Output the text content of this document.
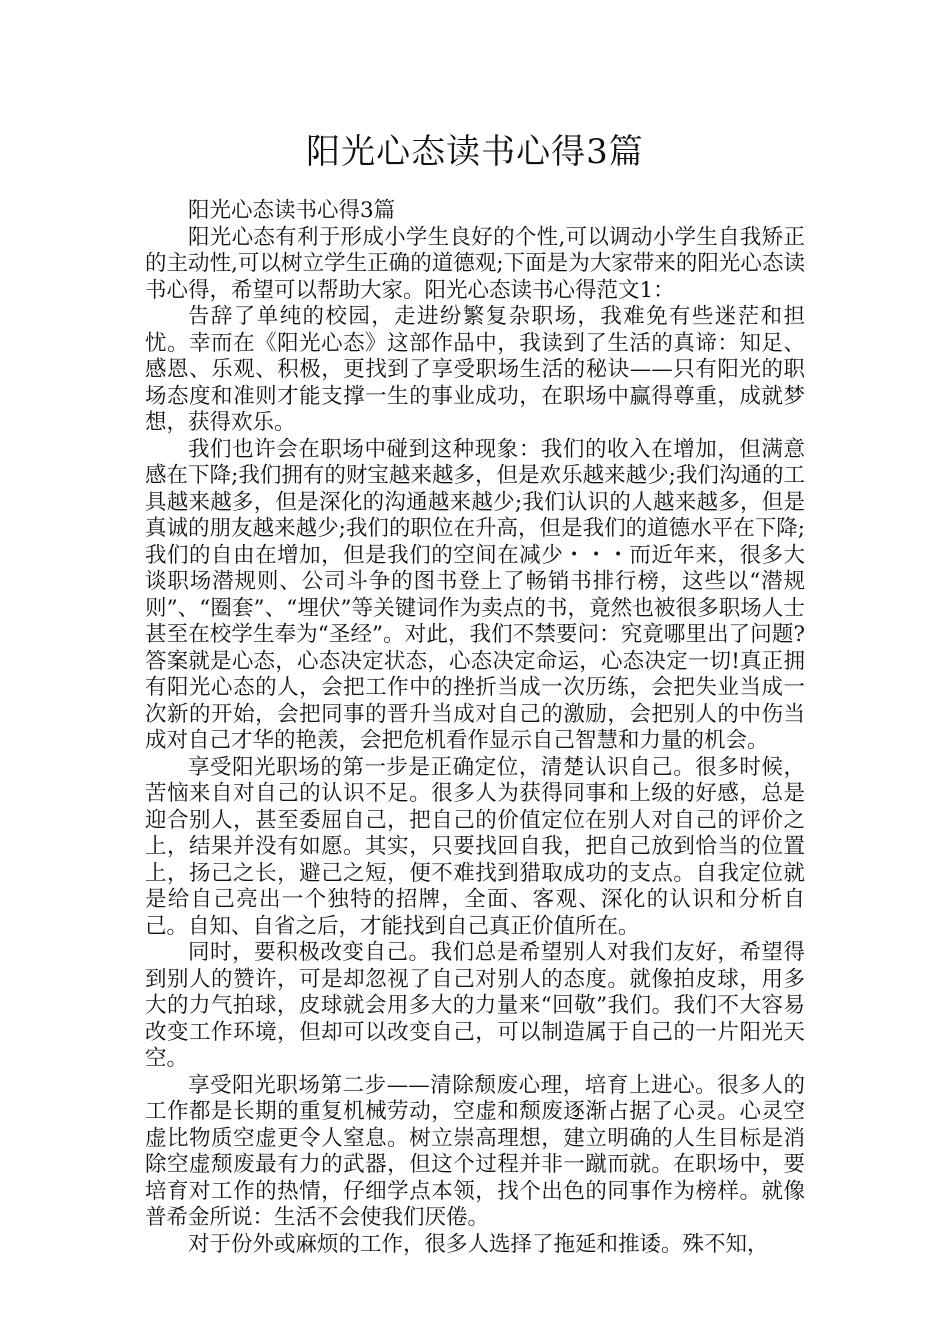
阳光心态读书心得3篇

阳光心态读书心得3篇

阳光心态有利于形成小学生良好的个性,可以调动小学生自我矫正的主动性,可以树立学生正确的道德观;下面是为大家带来的阳光心态读书心得，希望可以帮助大家。阳光心态读书心得范文1：

告辞了单纯的校园，走进纷繁复杂职场，我难免有些迷茫和担忧。幸而在《阳光心态》这部作品中，我读到了生活的真谛：知足、感恩、乐观、积极，更找到了享受职场生活的秘诀——只有阳光的职场态度和准则才能支撑一生的事业成功，在职场中赢得尊重，成就梦想，获得欢乐。

我们也许会在职场中碰到这种现象：我们的收入在增加，但满意感在下降;我们拥有的财宝越来越多，但是欢乐越来越少;我们沟通的工具越来越多，但是深化的沟通越来越少;我们认识的人越来越多，但是真诚的朋友越来越少;我们的职位在升高，但是我们的道德水平在下降;我们的自由在增加，但是我们的空间在减少・・・而近年来，很多大谈职场潜规则、公司斗争的图书登上了畅销书排行榜，这些以“潜规则”、“圈套”、“埋伏”等关键词作为卖点的书，竟然也被很多职场人士甚至在校学生奉为“圣经”。对此，我们不禁要问：究竟哪里出了问题?答案就是心态，心态决定状态，心态决定命运，心态决定一切!真正拥有阳光心态的人，会把工作中的挫折当成一次历练，会把失业当成一次新的开始，会把同事的晋升当成对自己的激励，会把别人的中伤当成对自己才华的艳羡，会把危机看作显示自己智慧和力量的机会。

享受阳光职场的第一步是正确定位，清楚认识自己。很多时候，苦恼来自对自己的认识不足。很多人为获得同事和上级的好感，总是迎合别人，甚至委屈自己，把自己的价值定位在别人对自己的评价之上，结果并没有如愿。其实，只要找回自我，把自己放到恰当的位置上，扬己之长，避己之短，便不难找到猎取成功的支点。自我定位就是给自己亮出一个独特的招牌，全面、客观、深化的认识和分析自己。自知、自省之后，才能找到自己真正价值所在。

同时，要积极改变自己。我们总是希望别人对我们友好，希望得到别人的赞许，可是却忽视了自己对别人的态度。就像拍皮球，用多大的力气拍球，皮球就会用多大的力量来“回敬”我们。我们不大容易改变工作环境，但却可以改变自己，可以制造属于自己的一片阳光天空。

享受阳光职场第二步——清除颓废心理，培育上进心。很多人的工作都是长期的重复机械劳动，空虚和颓废逐渐占据了心灵。心灵空虚比物质空虚更令人窒息。树立崇高理想，建立明确的人生目标是消除空虚颓废最有力的武器，但这个过程并非一蹴而就。在职场中，要培育对工作的热情，仔细学点本领，找个出色的同事作为榜样。就像普希金所说：生活不会使我们厌倦。

对于份外或麻烦的工作，很多人选择了拖延和推诿。殊不知，
